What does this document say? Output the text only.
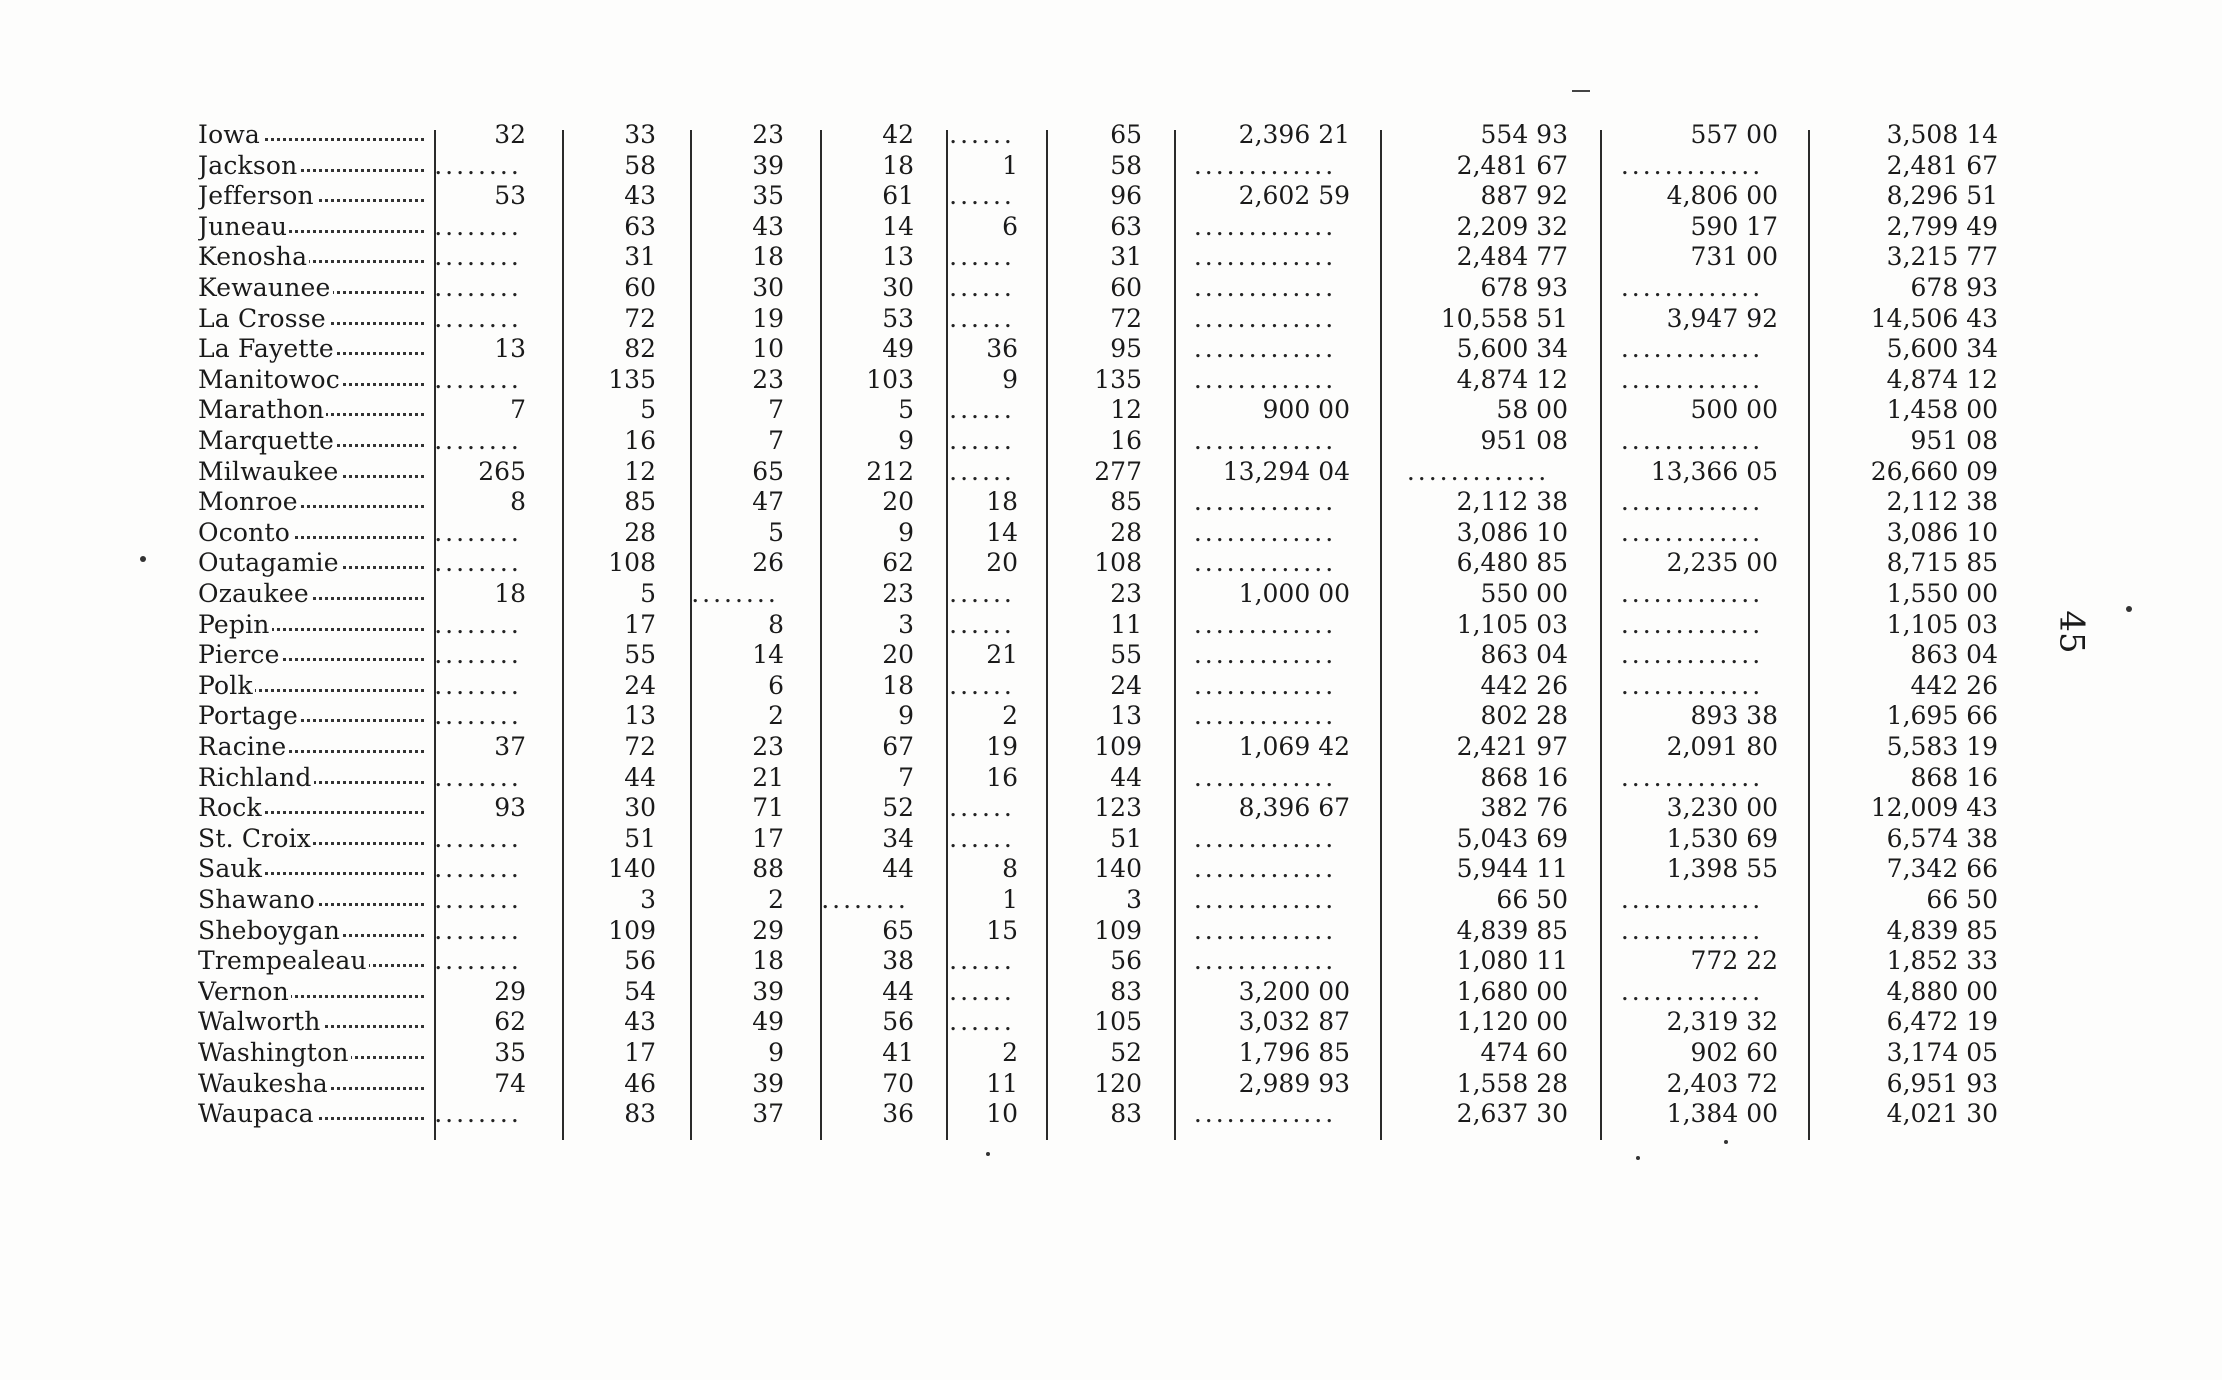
Iowa	32	33	23	42 ......	65	2,396 21	554 93	557 00	3,508 14
Jackson	........	58	39	18	1	58	.............	2,481 67	.............	2,481 67
Jefferson	53	43	35	61 ......	96	2,602 59	887 92	4,806 00	8,296 51
Juneau	........	63	43	14	6	63	.............	2,209 32	590 17	2,799 49
Kenosha	........	31	18	13 ......	31	.............	2,484 77	731 00	3,215 77
Kewaunee	........	60	30	30 ......	60	.............	678 93	.............	678 93
La Crosse	........	72	19	53 ......	72	.............	10,558 51	3,947 92	14,506 43
La Fayette	13	82	10	49	36	95	.............	5,600 34	.............	5,600 34
Manitowoc	........	135	23	103	9	135	.............	4,874 12	.............	4,874 12
Marathon	7	5	7	5 ......	12	900 00	58 00	500 00	1,458 00
Marquette	........	16	7	9 ......	16	.............	951 08	.............	951 08
Milwaukee	265	12	65	212 ......	277	13,294 04	.............	13,366 05	26,660 09
Monroe	8	85	47	20	18	85	.............	2,112 38	.............	2,112 38
Oconto	........	28	5	9	14	28	.............	3,086 10	.............	3,086 10
Outagamie	........	108	26	62	20	108	.............	6,480 85	2,235 00	8,715 85
Ozaukee	18	5 ........	23 ......	23	1,000 00	550 00	.............	1,550 00
Pepin	........	17	8	3 ......	11	.............	1,105 03	.............	1,105 03
Pierce	........	55	14	20	21	55	.............	863 04	.............	863 04
Polk	........	24	6	18 ......	24	.............	442 26	.............	442 26
Portage	........	13	2	9	2	13	.............	802 28	893 38	1,695 66
Racine	37	72	23	67	19	109	1,069 42	2,421 97	2,091 80	5,583 19
Richland	........	44	21	7	16	44	.............	868 16	.............	868 16
Rock	93	30	71	52 ......	123	8,396 67	382 76	3,230 00	12,009 43
St. Croix	........	51	17	34 ......	51	.............	5,043 69	1,530 69	6,574 38
Sauk	........	140	88	44	8	140	.............	5,944 11	1,398 55	7,342 66
Shawano	........	3	2 ........	1	3	.............	66 50	.............	66 50
Sheboygan	........	109	29	65	15	109	.............	4,839 85	.............	4,839 85
Trempealeau	........	56	18	38 ......	56	.............	1,080 11	772 22	1,852 33
Vernon	29	54	39	44 ......	83	3,200 00	1,680 00	.............	4,880 00
Walworth	62	43	49	56 ......	105	3,032 87	1,120 00	2,319 32	6,472 19
Washington	35	17	9	41	2	52	1,796 85	474 60	902 60	3,174 05
Waukesha	74	46	39	70	11	120	2,989 93	1,558 28	2,403 72	6,951 93
Waupaca	........	83	37	36	10	83	.............	2,637 30	1,384 00	4,021 30
45
